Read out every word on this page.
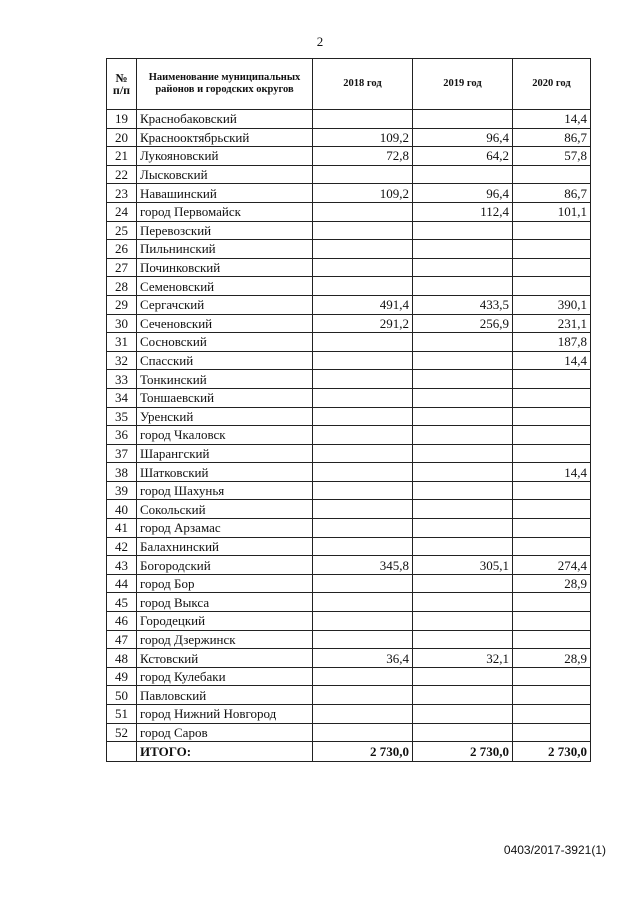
2
№ п/п	Наименование муниципальных районов и городских округов	2018 год	2019 год	2020 год
19	Краснобаковский			14,4
20	Краснооктябрьский	109,2	96,4	86,7
21	Лукояновский	72,8	64,2	57,8
22	Лысковский			
23	Навашинский	109,2	96,4	86,7
24	город Первомайск		112,4	101,1
25	Перевозский			
26	Пильнинский			
27	Починковский			
28	Семеновский			
29	Сергачский	491,4	433,5	390,1
30	Сеченовский	291,2	256,9	231,1
31	Сосновский			187,8
32	Спасский			14,4
33	Тонкинский			
34	Тоншаевский			
35	Уренский			
36	город Чкаловск			
37	Шарангский			
38	Шатковский			14,4
39	город Шахунья			
40	Сокольский			
41	город Арзамас			
42	Балахнинский			
43	Богородский	345,8	305,1	274,4
44	город Бор			28,9
45	город Выкса			
46	Городецкий			
47	город Дзержинск			
48	Кстовский	36,4	32,1	28,9
49	город Кулебаки			
50	Павловский			
51	город Нижний Новгород			
52	город Саров			
	ИТОГО:	2 730,0	2 730,0	2 730,0
0403/2017-3921(1)
